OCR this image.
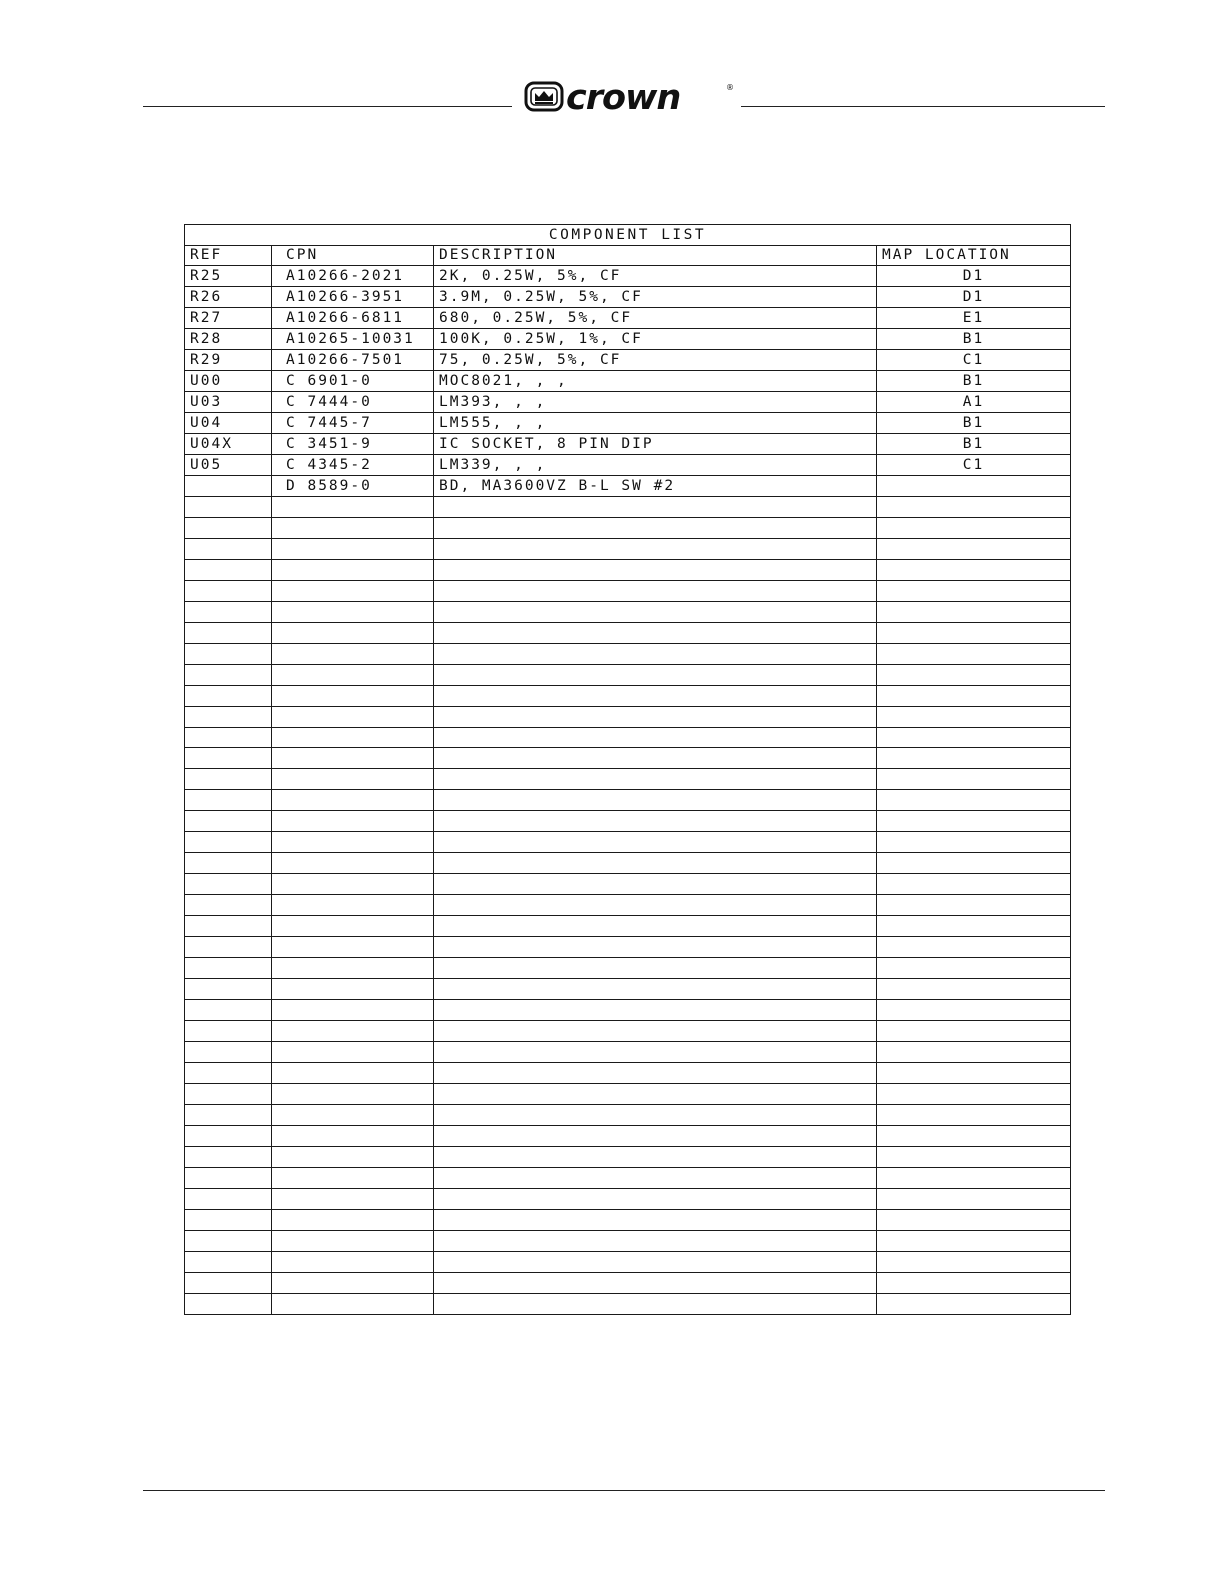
crown	®
COMPONENT LIST			
REF	CPN	DESCRIPTION	MAP LOCATION
R25	A10266-2021	2K, 0.25W, 5%, CF	D1
R26	A10266-3951	3.9M, 0.25W, 5%, CF	D1
R27	A10266-6811	680, 0.25W, 5%, CF	E1
R28	A10265-10031	100K, 0.25W, 1%, CF	B1
R29	A10266-7501	75, 0.25W, 5%, CF	C1
U00	C 6901-0	MOC8021, , ,	B1
U03	C 7444-0	LM393, , ,	A1
U04	C 7445-7	LM555, , ,	B1
U04X	C 3451-9	IC SOCKET, 8 PIN DIP	B1
U05	C 4345-2	LM339, , ,	C1
	D 8589-0	BD, MA3600VZ B-L SW #2	
